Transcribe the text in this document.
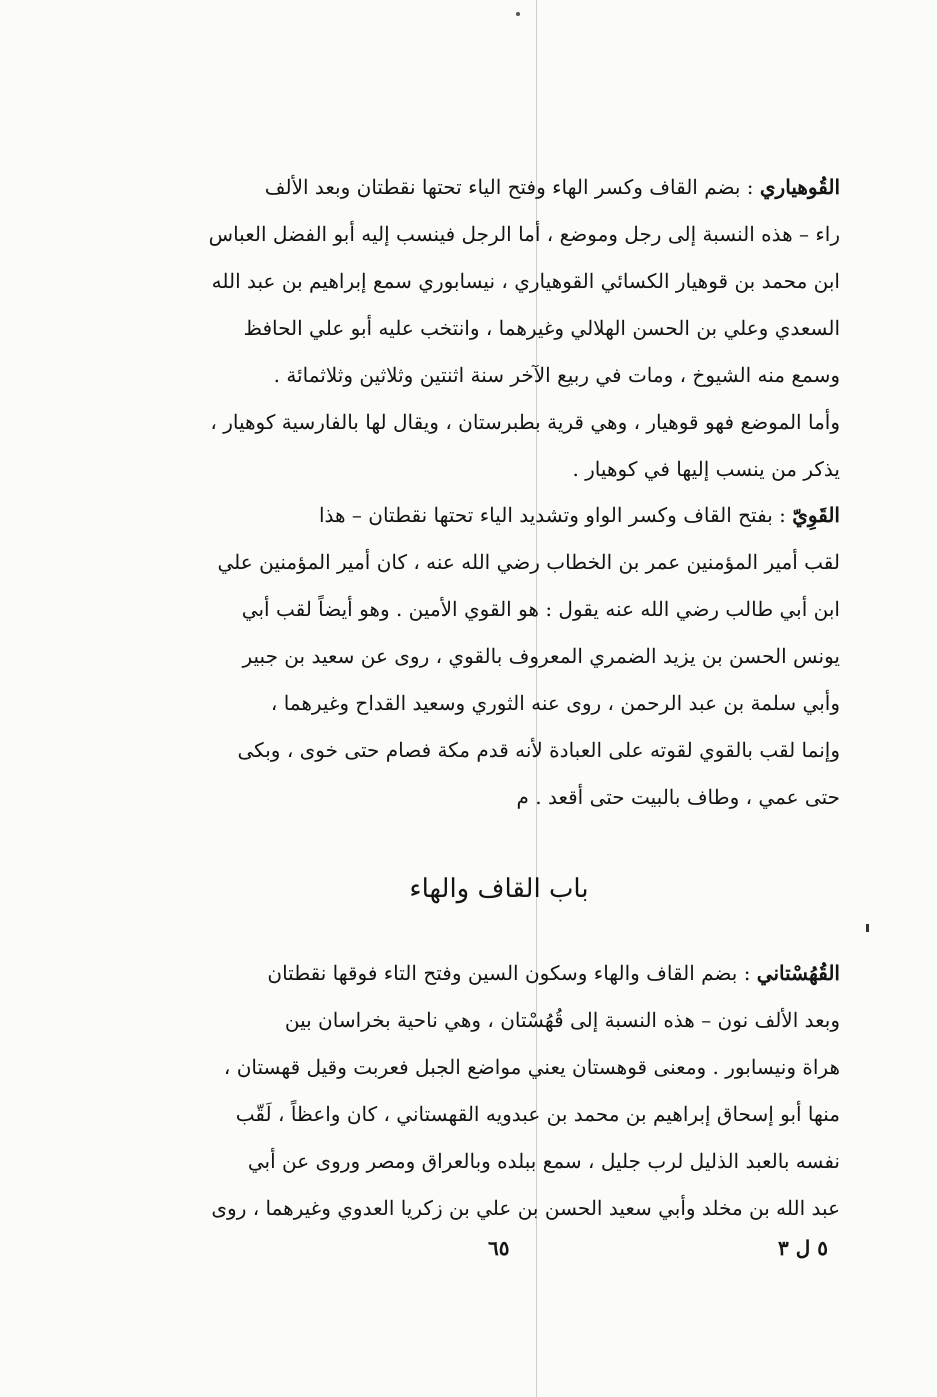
القُوهياري : بضم القاف وكسر الهاء وفتح الياء تحتها نقطتان وبعد الألف
راء – هذه النسبة إلى رجل وموضع ، أما الرجل فينسب إليه أبو الفضل العباس
ابن محمد بن قوهيار الكسائي القوهياري ، نيسابوري سمع إبراهيم بن عبد الله
السعدي وعلي بن الحسن الهلالي وغيرهما ، وانتخب عليه أبو علي الحافظ
وسمع منه الشيوخ ، ومات في ربيع الآخر سنة اثنتين وثلاثين وثلاثمائة .
وأما الموضع فهو قوهيار ، وهي قرية بطبرستان ، ويقال لها بالفارسية كوهيار ،
يذكر من ينسب إليها في كوهيار .
القَوِيّ : بفتح القاف وكسر الواو وتشديد الياء تحتها نقطتان – هذا
لقب أمير المؤمنين عمر بن الخطاب رضي الله عنه ، كان أمير المؤمنين علي
ابن أبي طالب رضي الله عنه يقول : هو القوي الأمين . وهو أيضاً لقب أبي
يونس الحسن بن يزيد الضمري المعروف بالقوي ، روى عن سعيد بن جبير
وأبي سلمة بن عبد الرحمن ، روى عنه الثوري وسعيد القداح وغيرهما ،
وإنما لقب بالقوي لقوته على العبادة لأنه قدم مكة فصام حتى خوى ، وبكى
حتى عمي ، وطاف بالبيت حتى أقعد . م
باب القاف والهاء
القُهُسْتاني : بضم القاف والهاء وسكون السين وفتح التاء فوقها نقطتان
وبعد الألف نون – هذه النسبة إلى قُهُسْتان ، وهي ناحية بخراسان بين
هراة ونيسابور . ومعنى قوهستان يعني مواضع الجبل فعربت وقيل قهستان ،
منها أبو إسحاق إبراهيم بن محمد بن عبدويه القهستاني ، كان واعظاً ، لَقّب
نفسه بالعبد الذليل لرب جليل ، سمع ببلده وبالعراق ومصر وروى عن أبي
عبد الله بن مخلد وأبي سعيد الحسن بن علي بن زكريا العدوي وغيرهما ، روى
٥ ل ٣
٦٥
